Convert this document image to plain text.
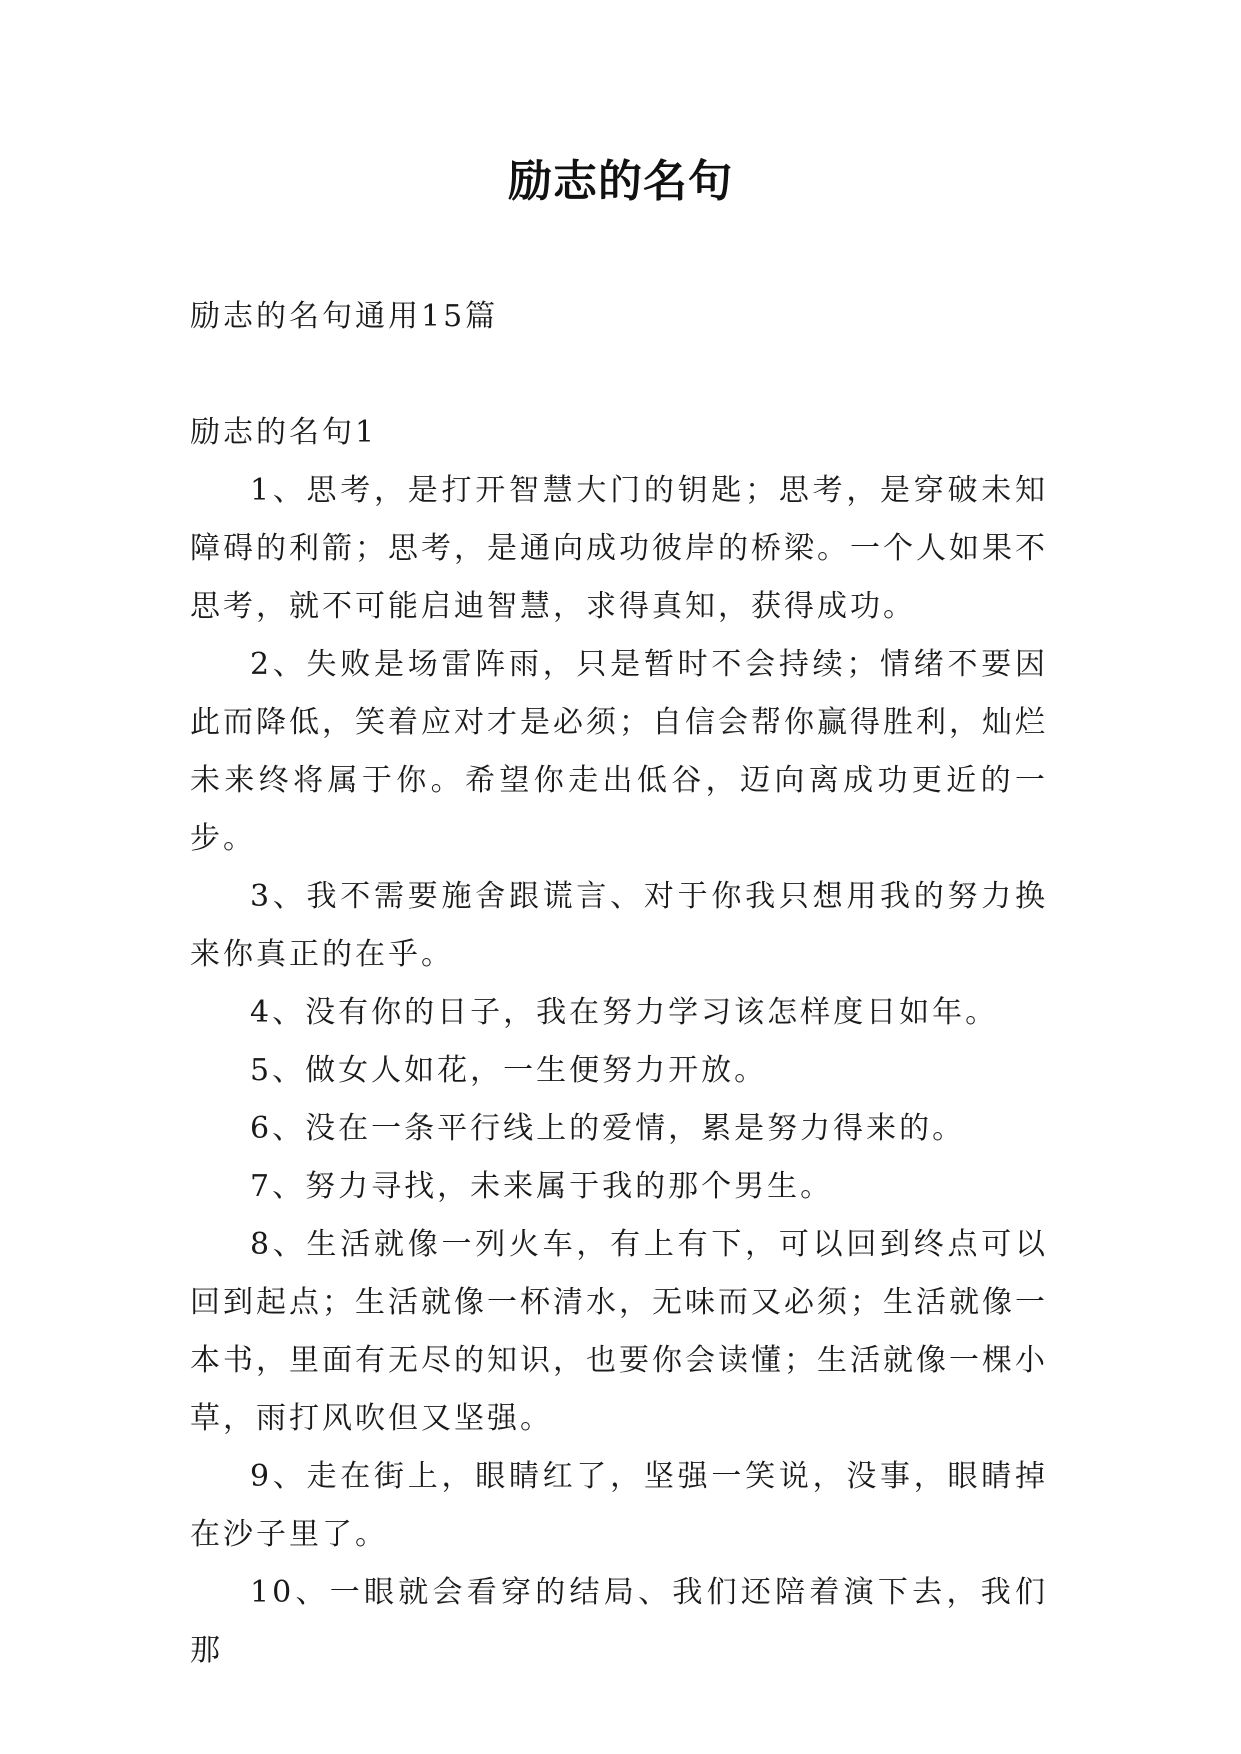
励志的名句

励志的名句通用15篇

励志的名句1

1、思考，是打开智慧大门的钥匙；思考，是穿破未知障碍的利箭；思考，是通向成功彼岸的桥梁。一个人如果不思考，就不可能启迪智慧，求得真知，获得成功。

2、失败是场雷阵雨，只是暂时不会持续；情绪不要因此而降低，笑着应对才是必须；自信会帮你赢得胜利，灿烂未来终将属于你。希望你走出低谷，迈向离成功更近的一步。

3、我不需要施舍跟谎言、对于你我只想用我的努力换来你真正的在乎。

4、没有你的日子，我在努力学习该怎样度日如年。

5、做女人如花，一生便努力开放。

6、没在一条平行线上的爱情，累是努力得来的。

7、努力寻找，未来属于我的那个男生。

8、生活就像一列火车，有上有下，可以回到终点可以回到起点；生活就像一杯清水，无味而又必须；生活就像一本书，里面有无尽的知识，也要你会读懂；生活就像一棵小草，雨打风吹但又坚强。

9、走在街上，眼睛红了，坚强一笑说，没事，眼睛掉在沙子里了。

10、一眼就会看穿的结局、我们还陪着演下去，我们那
